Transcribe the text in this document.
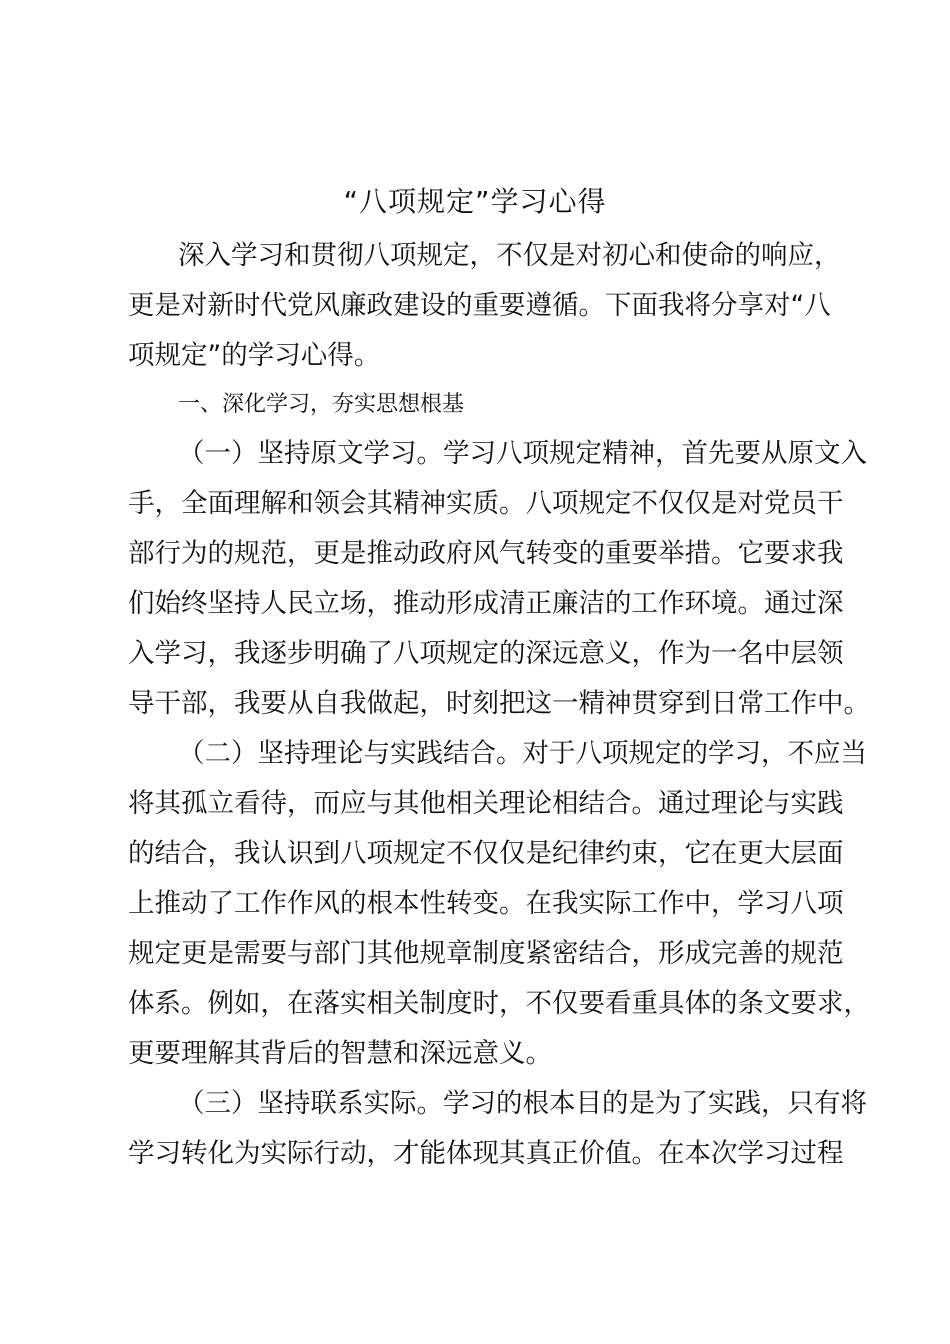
“八项规定”学习心得
深入学习和贯彻八项规定，不仅是对初心和使命的响应，
更是对新时代党风廉政建设的重要遵循。下面我将分享对“八
项规定”的学习心得。
一、深化学习，夯实思想根基
（一）坚持原文学习。学习八项规定精神，首先要从原文入
手，全面理解和领会其精神实质。八项规定不仅仅是对党员干
部行为的规范，更是推动政府风气转变的重要举措。它要求我
们始终坚持人民立场，推动形成清正廉洁的工作环境。通过深
入学习，我逐步明确了八项规定的深远意义，作为一名中层领
导干部，我要从自我做起，时刻把这一精神贯穿到日常工作中。
（二）坚持理论与实践结合。对于八项规定的学习，不应当
将其孤立看待，而应与其他相关理论相结合。通过理论与实践
的结合，我认识到八项规定不仅仅是纪律约束，它在更大层面
上推动了工作作风的根本性转变。在我实际工作中，学习八项
规定更是需要与部门其他规章制度紧密结合，形成完善的规范
体系。例如，在落实相关制度时，不仅要看重具体的条文要求，
更要理解其背后的智慧和深远意义。
（三）坚持联系实际。学习的根本目的是为了实践，只有将
学习转化为实际行动，才能体现其真正价值。在本次学习过程
